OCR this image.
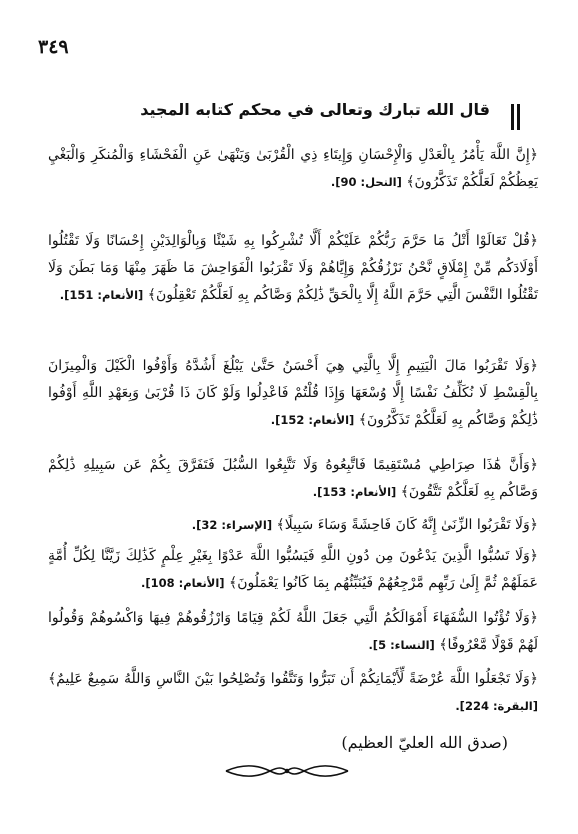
٣٤٩
قال الله تبارك وتعالى في محكم كتابه المجيد
﴿إِنَّ اللَّهَ يَأْمُرُ بِالْعَدْلِ وَالْإِحْسَانِ وَإِيتَاءِ ذِي الْقُرْبَىٰ وَيَنْهَىٰ عَنِ الْفَحْشَاءِ وَالْمُنكَرِ وَالْبَغْيِ يَعِظُكُمْ لَعَلَّكُمْ تَذَكَّرُونَ﴾ [النحل: 90].
﴿قُلْ تَعَالَوْا أَتْلُ مَا حَرَّمَ رَبُّكُمْ عَلَيْكُمْ أَلَّا تُشْرِكُوا بِهِ شَيْئًا وَبِالْوَالِدَيْنِ إِحْسَانًا وَلَا تَقْتُلُوا أَوْلَادَكُم مِّنْ إِمْلَاقٍ نَّحْنُ نَرْزُقُكُمْ وَإِيَّاهُمْ وَلَا تَقْرَبُوا الْفَوَاحِشَ مَا ظَهَرَ مِنْهَا وَمَا بَطَنَ وَلَا تَقْتُلُوا النَّفْسَ الَّتِي حَرَّمَ اللَّهُ إِلَّا بِالْحَقِّ ذَٰلِكُمْ وَصَّاكُم بِهِ لَعَلَّكُمْ تَعْقِلُونَ﴾ [الأنعام: 151].
﴿وَلَا تَقْرَبُوا مَالَ الْيَتِيمِ إِلَّا بِالَّتِي هِيَ أَحْسَنُ حَتَّىٰ يَبْلُغَ أَشُدَّهُ وَأَوْفُوا الْكَيْلَ وَالْمِيزَانَ بِالْقِسْطِ لَا نُكَلِّفُ نَفْسًا إِلَّا وُسْعَهَا وَإِذَا قُلْتُمْ فَاعْدِلُوا وَلَوْ كَانَ ذَا قُرْبَىٰ وَبِعَهْدِ اللَّهِ أَوْفُوا ذَٰلِكُمْ وَصَّاكُم بِهِ لَعَلَّكُمْ تَذَكَّرُونَ﴾ [الأنعام: 152].
﴿وَأَنَّ هَٰذَا صِرَاطِي مُسْتَقِيمًا فَاتَّبِعُوهُ وَلَا تَتَّبِعُوا السُّبُلَ فَتَفَرَّقَ بِكُمْ عَن سَبِيلِهِ ذَٰلِكُمْ وَصَّاكُم بِهِ لَعَلَّكُمْ تَتَّقُونَ﴾ [الأنعام: 153].
﴿وَلَا تَقْرَبُوا الزِّنَىٰ إِنَّهُ كَانَ فَاحِشَةً وَسَاءَ سَبِيلًا﴾ [الإسراء: 32].
﴿وَلَا تَسُبُّوا الَّذِينَ يَدْعُونَ مِن دُونِ اللَّهِ فَيَسُبُّوا اللَّهَ عَدْوًا بِغَيْرِ عِلْمٍ كَذَٰلِكَ زَيَّنَّا لِكُلِّ أُمَّةٍ عَمَلَهُمْ ثُمَّ إِلَىٰ رَبِّهِم مَّرْجِعُهُمْ فَيُنَبِّئُهُم بِمَا كَانُوا يَعْمَلُونَ﴾ [الأنعام: 108].
﴿وَلَا تُؤْتُوا السُّفَهَاءَ أَمْوَالَكُمُ الَّتِي جَعَلَ اللَّهُ لَكُمْ قِيَامًا وَارْزُقُوهُمْ فِيهَا وَاكْسُوهُمْ وَقُولُوا لَهُمْ قَوْلًا مَّعْرُوفًا﴾ [النساء: 5].
﴿وَلَا تَجْعَلُوا اللَّهَ عُرْضَةً لِّأَيْمَانِكُمْ أَن تَبَرُّوا وَتَتَّقُوا وَتُصْلِحُوا بَيْنَ النَّاسِ وَاللَّهُ سَمِيعٌ عَلِيمٌ﴾ [البقرة: 224].
(صدق الله العليّ العظيم)
